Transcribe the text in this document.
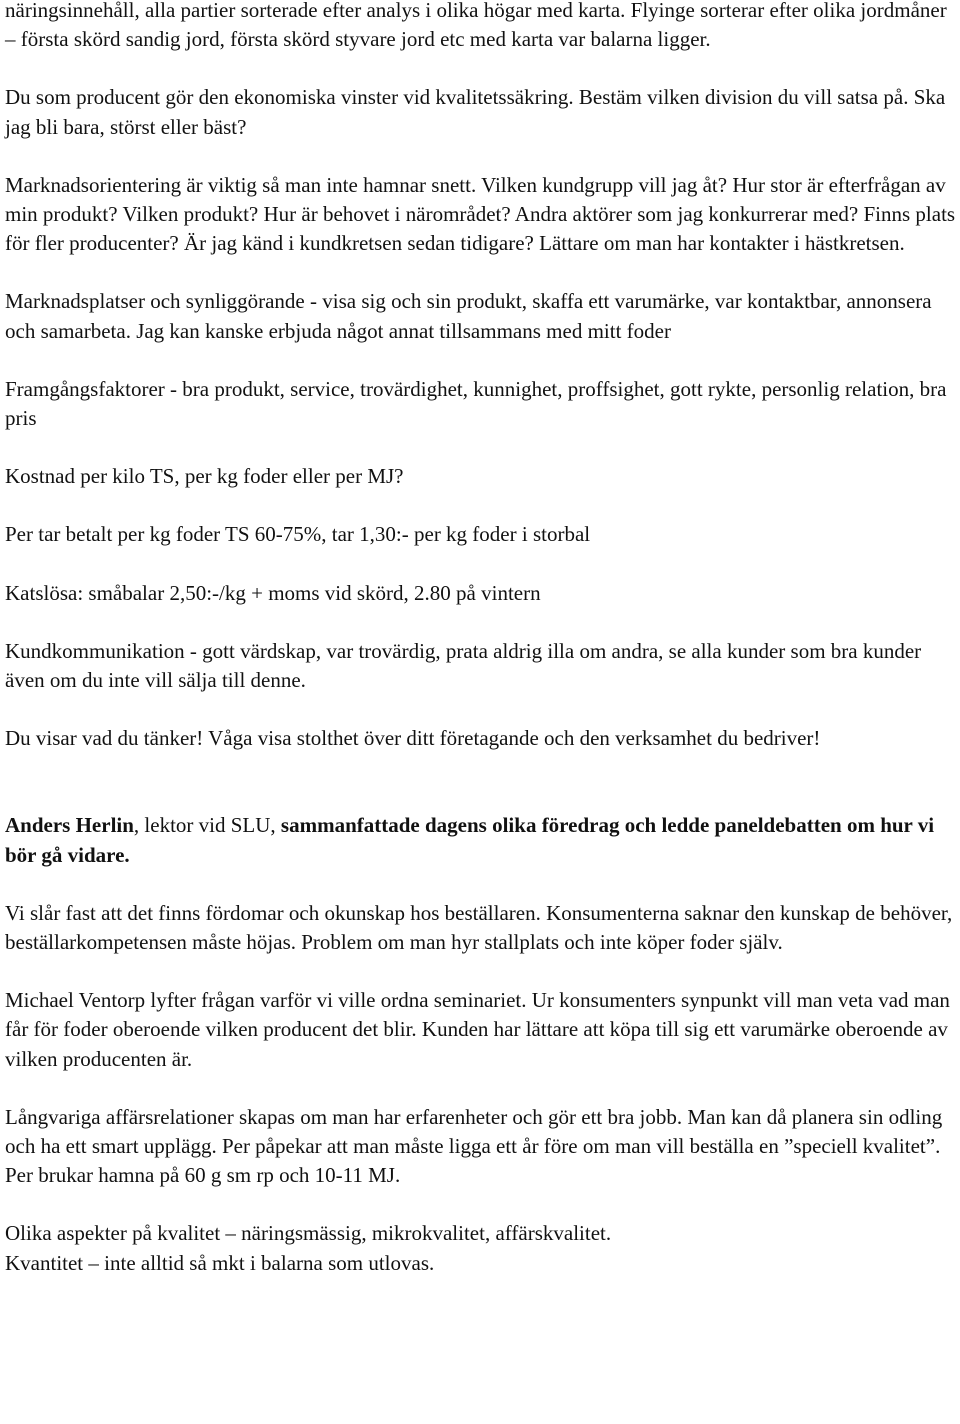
näringsinnehåll, alla partier sorterade efter analys i olika högar med karta. Flyinge sorterar efter olika jordmåner – första skörd sandig jord, första skörd styvare jord etc med karta var balarna ligger.

Du som producent gör den ekonomiska vinster vid kvalitetssäkring. Bestäm vilken division du vill satsa på. Ska jag bli bara, störst eller bäst?

Marknadsorientering är viktig så man inte hamnar snett. Vilken kundgrupp vill jag åt? Hur stor är efterfrågan av min produkt? Vilken produkt? Hur är behovet i närområdet? Andra aktörer som jag konkurrerar med? Finns plats för fler producenter? Är jag känd i kundkretsen sedan tidigare? Lättare om man har kontakter i hästkretsen.

Marknadsplatser och synliggörande - visa sig och sin produkt, skaffa ett varumärke, var kontaktbar, annonsera och samarbeta. Jag kan kanske erbjuda något annat tillsammans med mitt foder

Framgångsfaktorer - bra produkt, service, trovärdighet, kunnighet, proffsighet, gott rykte, personlig relation, bra pris

Kostnad per kilo TS, per kg foder eller per MJ?

Per tar betalt per kg foder TS 60-75%, tar 1,30:- per kg foder i storbal

Katslösa: småbalar 2,50:-/kg + moms vid skörd, 2.80 på vintern

Kundkommunikation - gott värdskap, var trovärdig, prata aldrig illa om andra, se alla kunder som bra kunder även om du inte vill sälja till denne.

Du visar vad du tänker! Våga visa stolthet över ditt företagande och den verksamhet du bedriver!

Anders Herlin, lektor vid SLU, sammanfattade dagens olika föredrag och ledde paneldebatten om hur vi bör gå vidare.

Vi slår fast att det finns fördomar och okunskap hos beställaren. Konsumenterna saknar den kunskap de behöver, beställarkompetensen måste höjas. Problem om man hyr stallplats och inte köper foder själv.

Michael Ventorp lyfter frågan varför vi ville ordna seminariet. Ur konsumenters synpunkt vill man veta vad man får för foder oberoende vilken producent det blir. Kunden har lättare att köpa till sig ett varumärke oberoende av vilken producenten är.

Långvariga affärsrelationer skapas om man har erfarenheter och gör ett bra jobb. Man kan då planera sin odling och ha ett smart upplägg. Per påpekar att man måste ligga ett år före om man vill beställa en ”speciell kvalitet”. Per brukar hamna på 60 g sm rp och 10-11 MJ.

Olika aspekter på kvalitet – näringsmässig, mikrokvalitet, affärskvalitet.
Kvantitet – inte alltid så mkt i balarna som utlovas.
